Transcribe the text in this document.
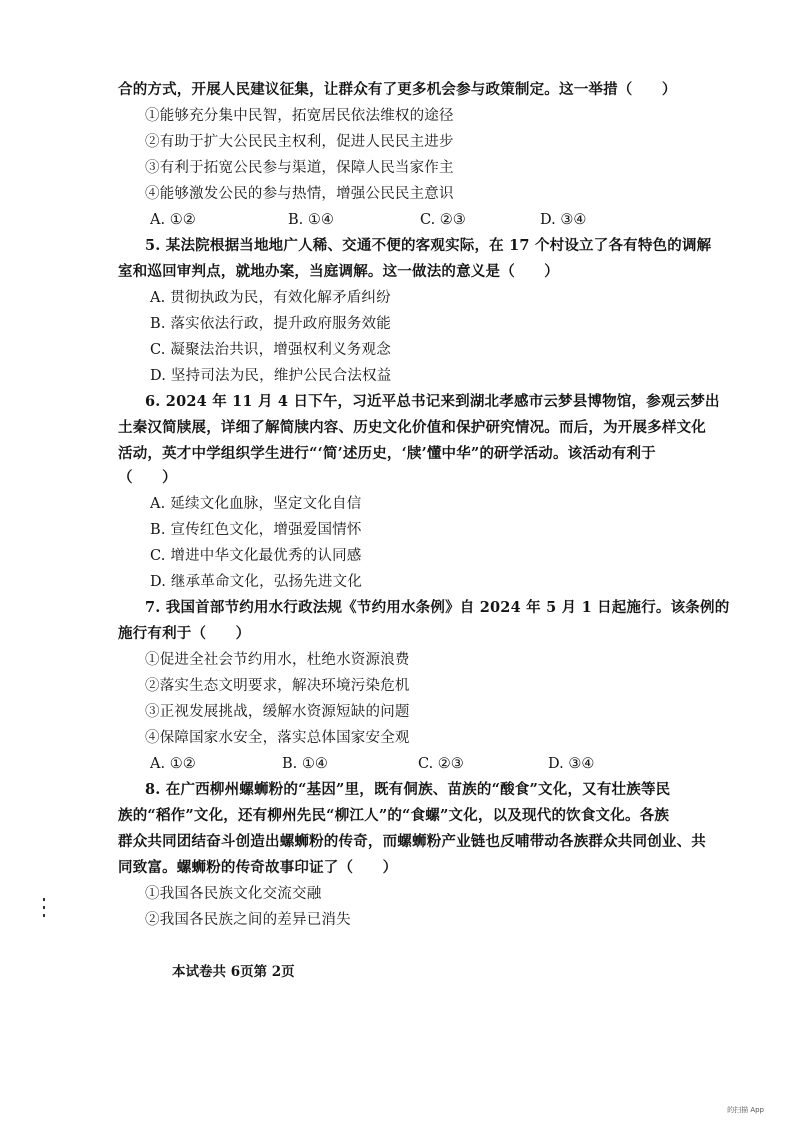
合的方式，开展人民建议征集，让群众有了更多机会参与政策制定。这一举措（　　）
①能够充分集中民智，拓宽居民依法维权的途径
②有助于扩大公民民主权利，促进人民民主进步
③有利于拓宽公民参与渠道，保障人民当家作主
④能够激发公民的参与热情，增强公民民主意识
A. ①②	B. ①④	C. ②③	D. ③④
5. 某法院根据当地地广人稀、交通不便的客观实际，在 17 个村设立了各有特色的调解
室和巡回审判点，就地办案，当庭调解。这一做法的意义是（　　）
A. 贯彻执政为民，有效化解矛盾纠纷
B. 落实依法行政，提升政府服务效能
C. 凝聚法治共识，增强权利义务观念
D. 坚持司法为民，维护公民合法权益
6. 2024 年 11 月 4 日下午，习近平总书记来到湖北孝感市云梦县博物馆，参观云梦出
土秦汉简牍展，详细了解简牍内容、历史文化价值和保护研究情况。而后，为开展多样文化
活动，英才中学组织学生进行“‘简’述历史，‘牍’懂中华”的研学活动。该活动有利于
（　　）
A. 延续文化血脉，坚定文化自信
B. 宣传红色文化，增强爱国情怀
C. 增进中华文化最优秀的认同感
D. 继承革命文化，弘扬先进文化
7. 我国首部节约用水行政法规《节约用水条例》自 2024 年 5 月 1 日起施行。该条例的
施行有利于（　　）
①促进全社会节约用水，杜绝水资源浪费
②落实生态文明要求，解决环境污染危机
③正视发展挑战，缓解水资源短缺的问题
④保障国家水安全，落实总体国家安全观
A. ①②	B. ①④	C. ②③	D. ③④
8. 在广西柳州螺蛳粉的“基因”里，既有侗族、苗族的“酸食”文化，又有壮族等民
族的“稻作”文化，还有柳州先民“柳江人”的“食螺”文化，以及现代的饮食文化。各族
群众共同团结奋斗创造出螺蛳粉的传奇，而螺蛳粉产业链也反哺带动各族群众共同创业、共
同致富。螺蛳粉的传奇故事印证了（　　）
①我国各民族文化交流交融
②我国各民族之间的差异已消失
本试卷共 6页第 2页
的扫描 App
